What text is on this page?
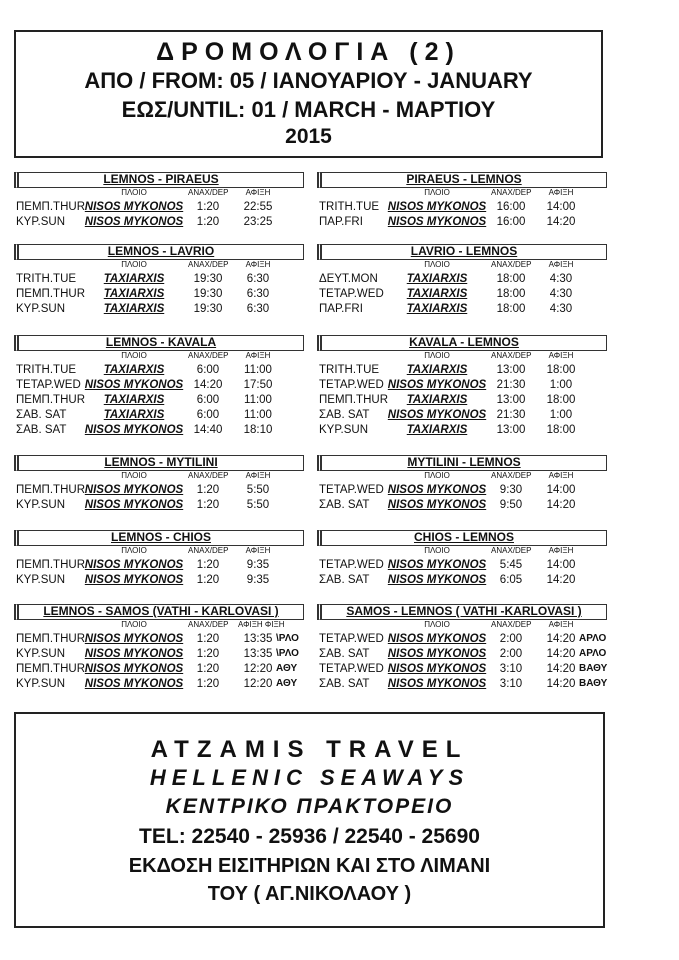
ΔΡΟΜΟΛΟΓΙΑ (2)
ΑΠΟ / FROM: 05 / ΙΑΝΟΥΑΡΙΟΥ - JANUARY
ΕΩΣ/UNTIL: 01 / MARCH - ΜΑΡΤΙΟΥ
2015
LEMNOS - PIRAEUS
ΠΛΟΙΟ	ΑΝΑΧ/DEP	ΑΦΙΞΗ
ΠΕΜΠ.THUR NISOS MYKONOS	1:20	22:55
ΚΥΡ.SUN NISOS MYKONOS	1:20	23:25
PIRAEUS - LEMNOS
ΠΛΟΙΟ	ΑΝΑΧ/DEP	ΑΦΙΞΗ
TRITH.TUE NISOS MYKONOS 16:00	14:00
ΠΑΡ.FRI NISOS MYKONOS 16:00	14:20
LEMNOS - LAVRIO
ΠΛΟΙΟ	ΑΝΑΧ/DEP	ΑΦΙΞΗ
TRITH.TUE	TAXIARXIS	19:30	6:30
ΠΕΜΠ.THUR	TAXIARXIS	19:30	6:30
ΚΥΡ.SUN	TAXIARXIS	19:30	6:30
LAVRIO - LEMNOS
ΠΛΟΙΟ	ΑΝΑΧ/DEP	ΑΦΙΞΗ
ΔΕΥΤ.MON	TAXIARXIS	18:00	4:30
ΤΕΤΑΡ.WED	TAXIARXIS	18:00	4:30
ΠΑΡ.FRI	TAXIARXIS	18:00	4:30
LEMNOS - KAVALA
ΠΛΟΙΟ	ΑΝΑΧ/DEP	ΑΦΙΞΗ
TRITH.TUE	TAXIARXIS	6:00	11:00
ΤΕΤΑΡ.WED NISOS MYKONOS 14:20	17:50
ΠΕΜΠ.THUR	TAXIARXIS	6:00	11:00
ΣΑΒ. SAT	TAXIARXIS	6:00	11:00
ΣΑΒ. SAT NISOS MYKONOS 14:40	18:10
KAVALA - LEMNOS
ΠΛΟΙΟ	ΑΝΑΧ/DEP	ΑΦΙΞΗ
TRITH.TUE	TAXIARXIS	13:00	18:00
ΤΕΤΑΡ.WED NISOS MYKONOS 21:30	1:00
ΠΕΜΠ.THUR	TAXIARXIS	13:00	18:00
ΣΑΒ. SAT NISOS MYKONOS 21:30	1:00
ΚΥΡ.SUN	TAXIARXIS	13:00	18:00
LEMNOS - MYTILINI
ΠΛΟΙΟ	ΑΝΑΧ/DEP	ΑΦΙΞΗ
ΠΕΜΠ.THUR NISOS MYKONOS	1:20	5:50
ΚΥΡ.SUN NISOS MYKONOS	1:20	5:50
MYTILINI - LEMNOS
ΠΛΟΙΟ	ΑΝΑΧ/DEP	ΑΦΙΞΗ
ΤΕΤΑΡ.WED NISOS MYKONOS	9:30	14:00
ΣΑΒ. SAT NISOS MYKONOS	9:50	14:20
LEMNOS - CHIOS
ΠΛΟΙΟ	ΑΝΑΧ/DEP	ΑΦΙΞΗ
ΠΕΜΠ.THUR NISOS MYKONOS	1:20	9:35
ΚΥΡ.SUN NISOS MYKONOS	1:20	9:35
CHIOS - LEMNOS
ΠΛΟΙΟ	ΑΝΑΧ/DEP	ΑΦΙΞΗ
ΤΕΤΑΡ.WED NISOS MYKONOS	5:45	14:00
ΣΑΒ. SAT NISOS MYKONOS	6:05	14:20
LEMNOS - SAMOS (VATHI - KARLOVASI )
ΠΛΟΙΟ	ΑΝΑΧ/DEP ΑΦΙΞΗ ΦΙΞΗ
ΠΕΜΠ.THUR NISOS MYKONOS	1:20	13:35 \ΡΛΟ
ΚΥΡ.SUN NISOS MYKONOS	1:20	13:35 \ΡΛΟ
ΠΕΜΠ.THUR NISOS MYKONOS	1:20	12:20 ΑΘΥ
ΚΥΡ.SUN NISOS MYKONOS	1:20	12:20 ΑΘΥ
SAMOS - LEMNOS ( VATHI -KARLOVASI )
ΠΛΟΙΟ	ΑΝΑΧ/DEP	ΑΦΙΞΗ
ΤΕΤΑΡ.WED NISOS MYKONOS	2:00	14:20 ΑΡΛΟ
ΣΑΒ. SAT NISOS MYKONOS	2:00	14:20 ΑΡΛΟ
ΤΕΤΑΡ.WED NISOS MYKONOS	3:10	14:20 ΒΑΘΥ
ΣΑΒ. SAT NISOS MYKONOS	3:10	14:20 ΒΑΘΥ
ATZAMIS TRAVEL
HELLENIC SEAWAYS
ΚΕΝΤΡΙΚΟ ΠΡΑΚΤΟΡΕΙΟ
TEL: 22540 - 25936 / 22540 - 25690
ΕΚΔΟΣΗ ΕΙΣΙΤΗΡΙΩΝ ΚΑΙ ΣΤΟ ΛΙΜΑΝΙ
ΤΟΥ ( ΑΓ.ΝΙΚΟΛΑΟΥ )
